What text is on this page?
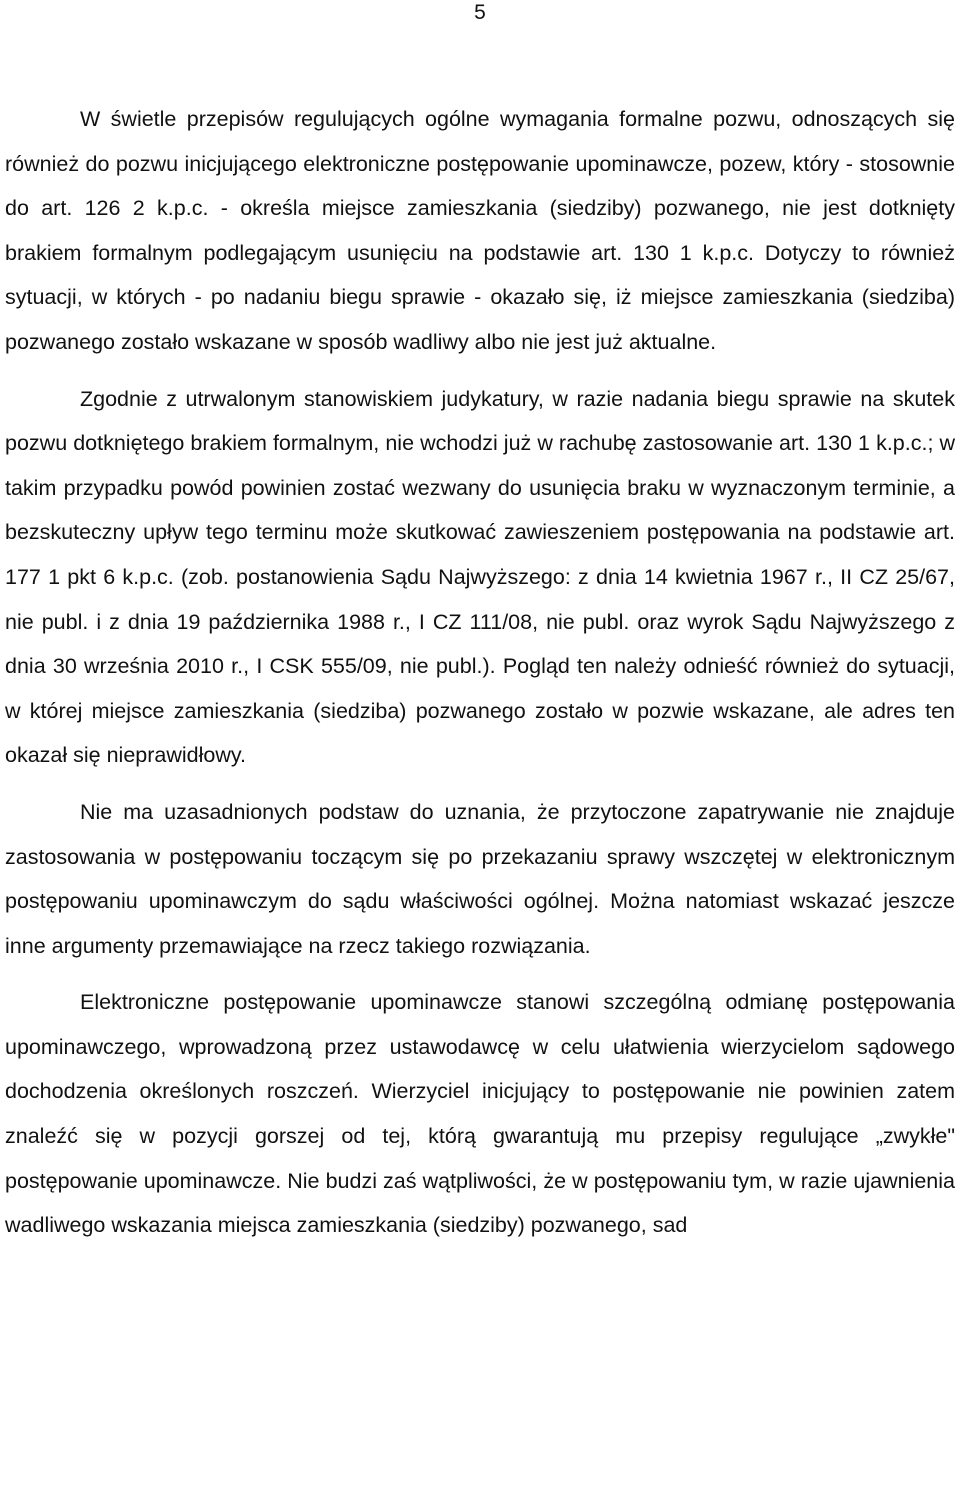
5

W świetle przepisów regulujących ogólne wymagania formalne pozwu, odnoszących się również do pozwu inicjującego elektroniczne postępowanie upominawcze, pozew, który - stosownie do art. 126 2 k.p.c. - określa miejsce zamieszkania (siedziby) pozwanego, nie jest dotknięty brakiem formalnym podlegającym usunięciu na podstawie art. 130 1 k.p.c. Dotyczy to również sytuacji, w których - po nadaniu biegu sprawie - okazało się, iż miejsce zamieszkania (siedziba) pozwanego zostało wskazane w sposób wadliwy albo nie jest już aktualne.

Zgodnie z utrwalonym stanowiskiem judykatury, w razie nadania biegu sprawie na skutek pozwu dotkniętego brakiem formalnym, nie wchodzi już w rachubę zastosowanie art. 130 1 k.p.c.; w takim przypadku powód powinien zostać wezwany do usunięcia braku w wyznaczonym terminie, a bezskuteczny upływ tego terminu może skutkować zawieszeniem postępowania na podstawie art. 177 1 pkt 6 k.p.c. (zob. postanowienia Sądu Najwyższego: z dnia 14 kwietnia 1967 r., II CZ 25/67, nie publ. i z dnia 19 października 1988 r., I CZ 111/08, nie publ. oraz wyrok Sądu Najwyższego z dnia 30 września 2010 r., I CSK 555/09, nie publ.). Pogląd ten należy odnieść również do sytuacji, w której miejsce zamieszkania (siedziba) pozwanego zostało w pozwie wskazane, ale adres ten okazał się nieprawidłowy.

Nie ma uzasadnionych podstaw do uznania, że przytoczone zapatrywanie nie znajduje zastosowania w postępowaniu toczącym się po przekazaniu sprawy wszczętej w elektronicznym postępowaniu upominawczym do sądu właściwości ogólnej. Można natomiast wskazać jeszcze inne argumenty przemawiające na rzecz takiego rozwiązania.

Elektroniczne postępowanie upominawcze stanowi szczególną odmianę postępowania upominawczego, wprowadzoną przez ustawodawcę w celu ułatwienia wierzycielom sądowego dochodzenia określonych roszczeń. Wierzyciel inicjujący to postępowanie nie powinien zatem znaleźć się w pozycji gorszej od tej, którą gwarantują mu przepisy regulujące „zwykłe" postępowanie upominawcze. Nie budzi zaś wątpliwości, że w postępowaniu tym, w razie ujawnienia wadliwego wskazania miejsca zamieszkania (siedziby) pozwanego, sad
